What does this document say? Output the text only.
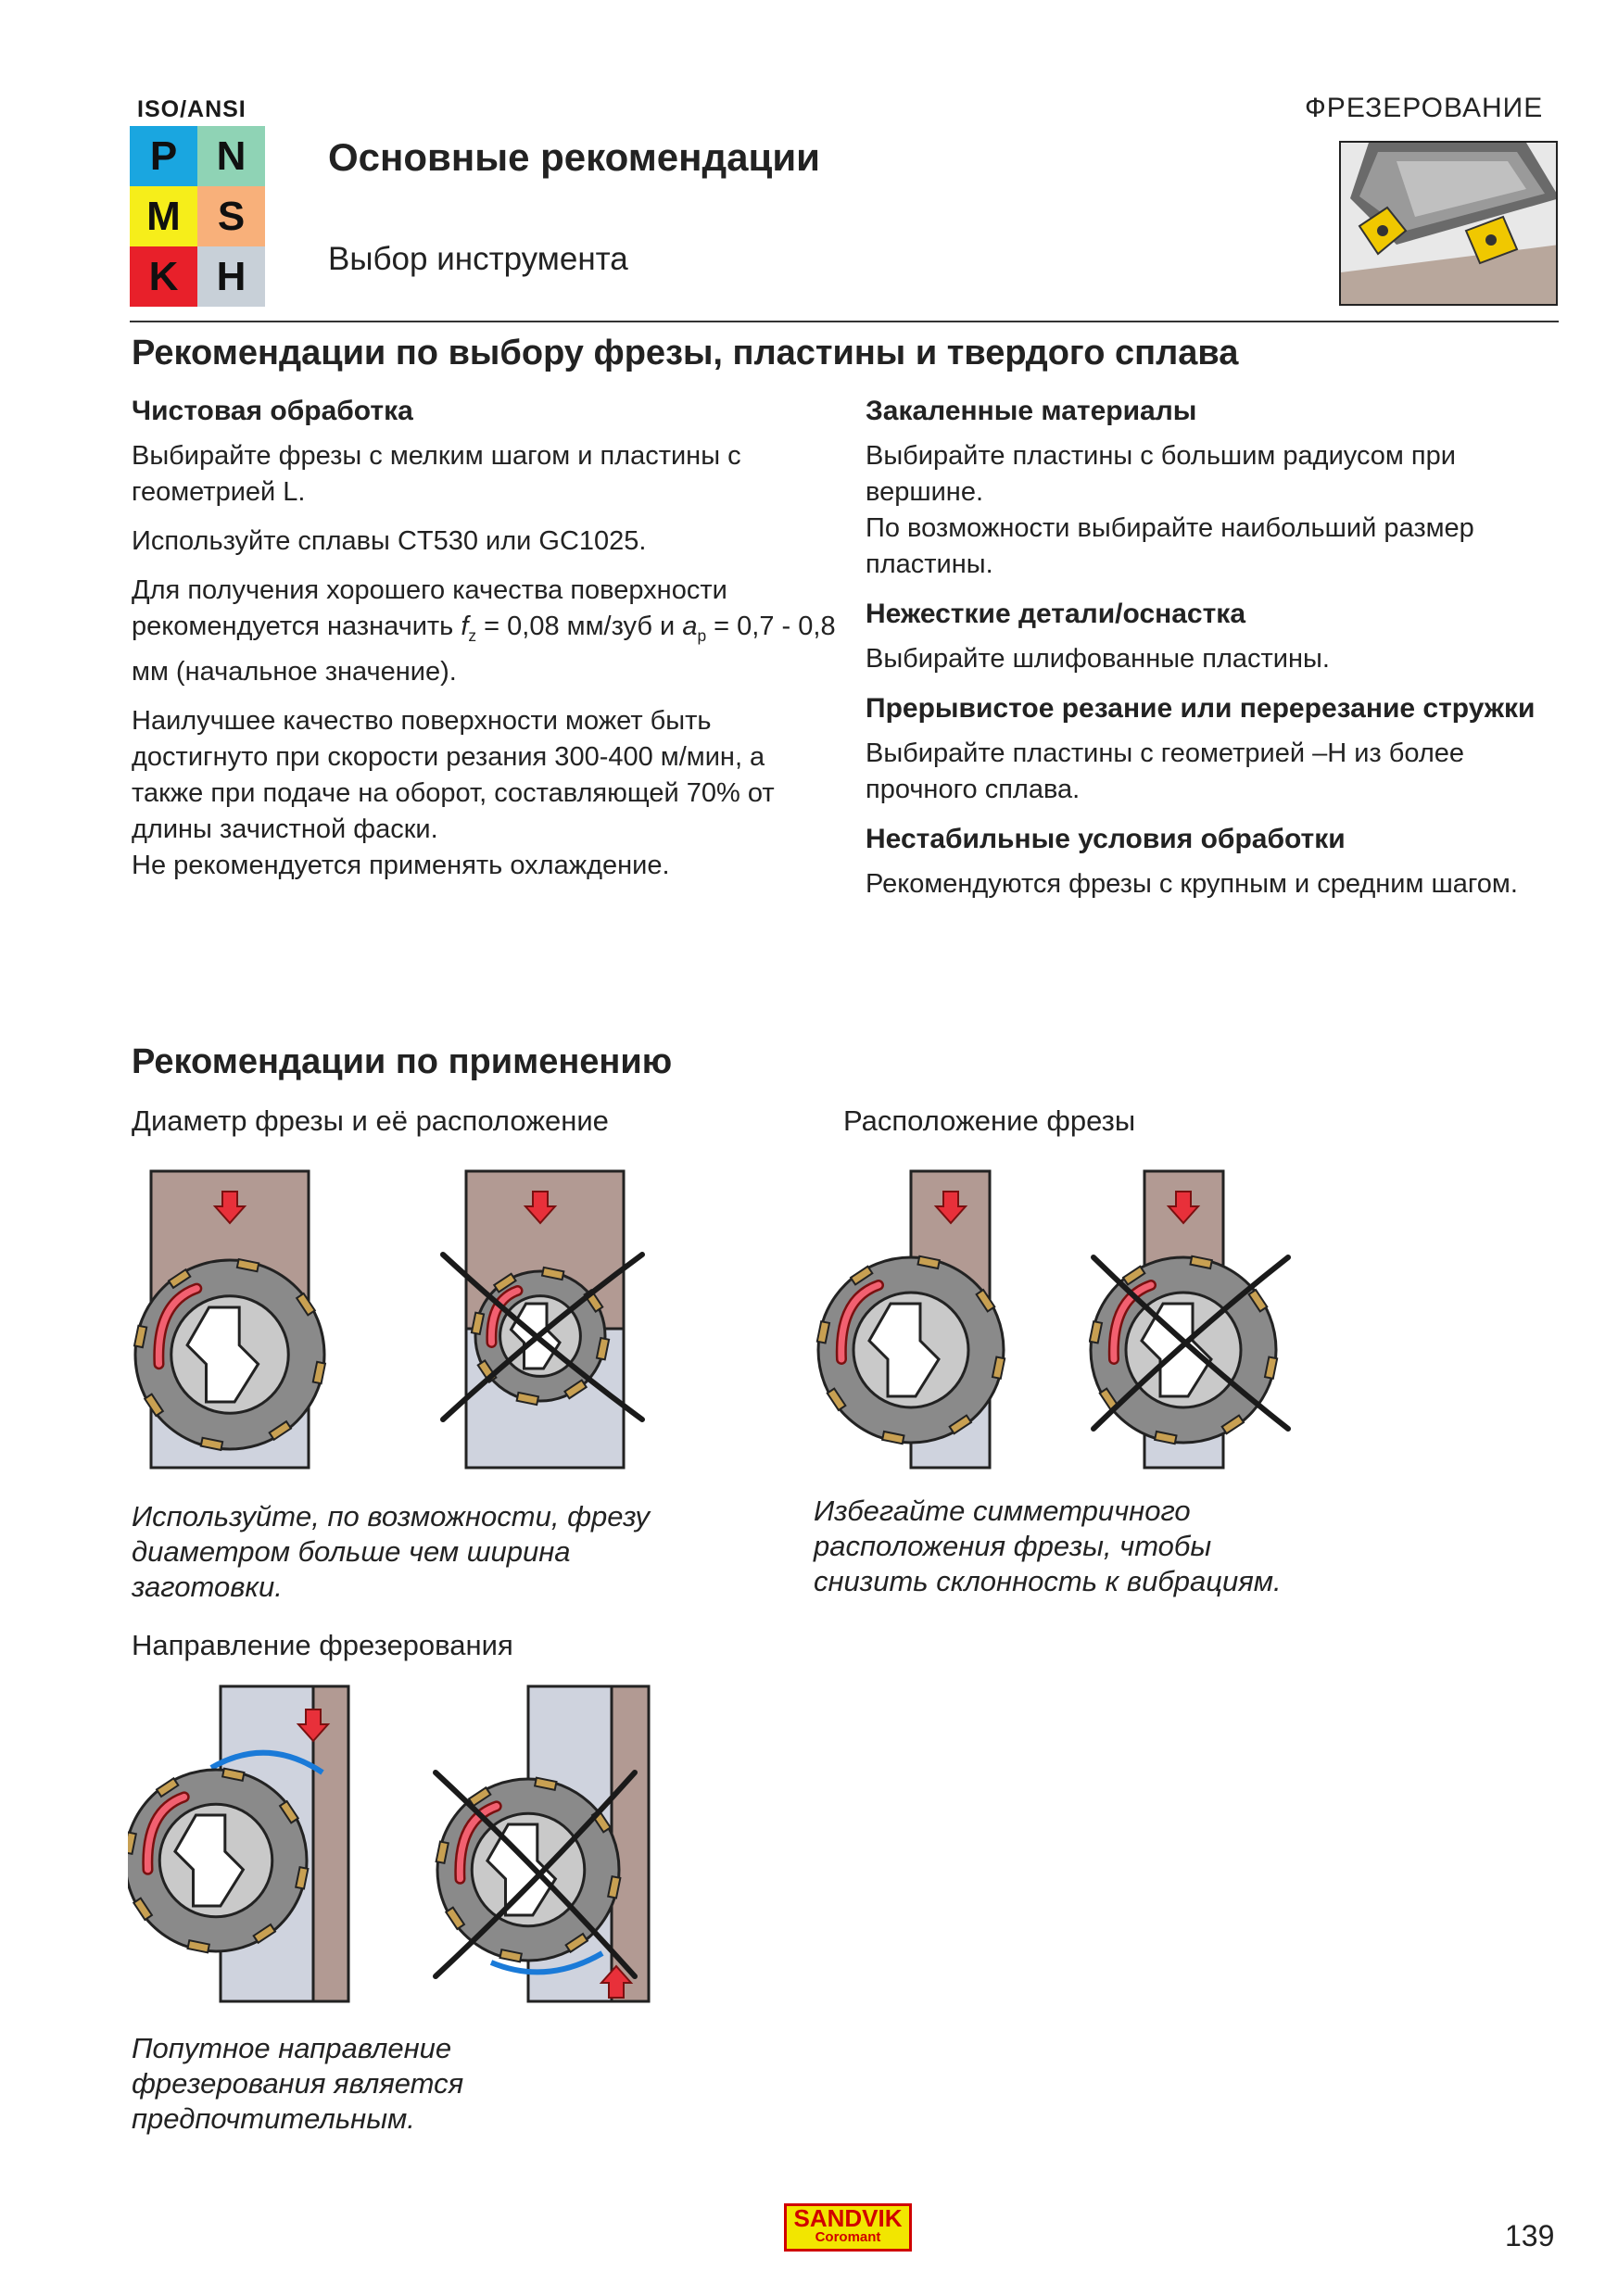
ISO/ANSI
P N
M S
K H
Основные рекомендации
Выбор инструмента
ФРЕЗЕРОВАНИЕ
Рекомендации по выбору фрезы, пластины и твердого сплава
Чистовая обработка

Выбирайте фрезы с мелким шагом и пластины с геометрией L.

Используйте сплавы CT530 или GC1025.

Для получения хорошего качества поверхности рекомендуется назначить $f_z = 0,08$ мм/зуб и $a_p = 0,7 - 0,8$ мм (начальное значение).

Наилучшее качество поверхности может быть достигнуто при скорости резания 300-400 м/мин, а также при подаче на оборот, составляющей 70% от длины зачистной фаски.

Не рекомендуется применять охлаждение.

Закаленные материалы

Выбирайте пластины с большим радиусом при вершине.

По возможности выбирайте наибольший размер пластины.

Нежесткие детали/оснастка

Выбирайте шлифованные пластины.

Прерывистое резание или перерезание стружки

Выбирайте пластины с геометрией –H из более прочного сплава.

Нестабильные условия обработки

Рекомендуются фрезы с крупным и средним шагом.

Рекомендации по применению
Диаметр фрезы и её расположение	Расположение фрезы
Используйте, по возможности, фрезу диаметром больше чем ширина заготовки.
Избегайте симметричного расположения фрезы, чтобы снизить склонность к вибрациям.
Направление фрезерования
Попутное направление фрезерования является предпочтительным.
SANDVIK
Coromant	139
